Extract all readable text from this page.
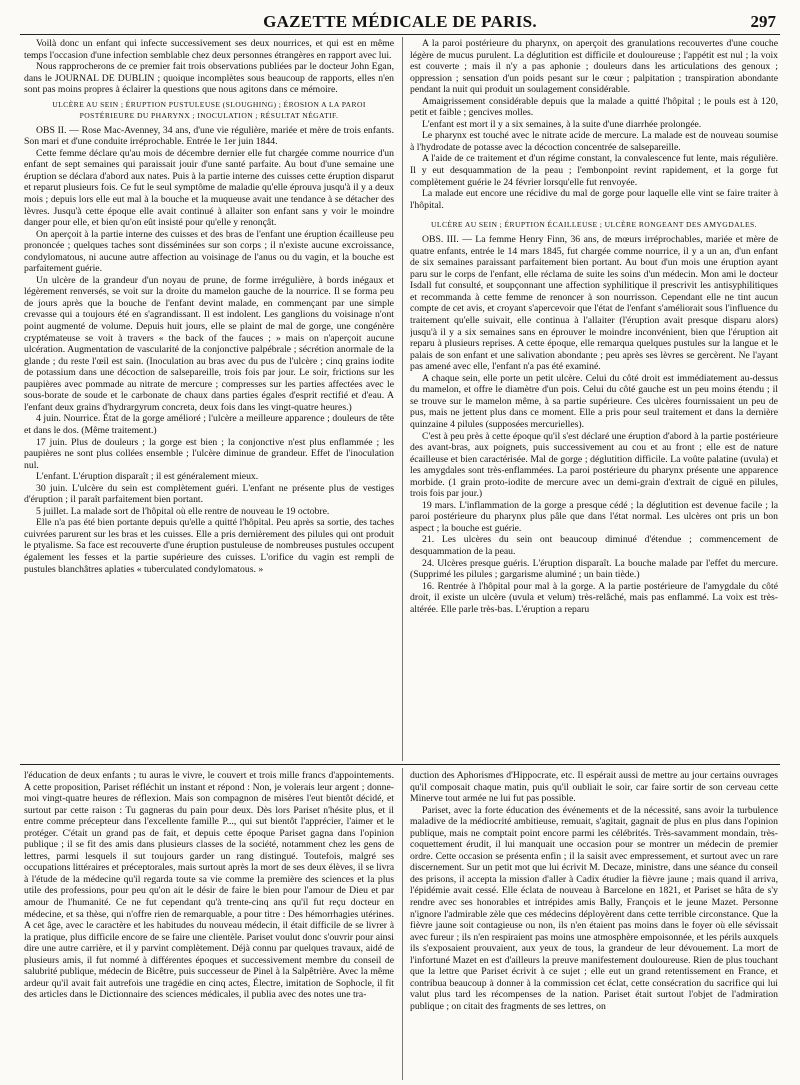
GAZETTE MÉDICALE DE PARIS.	297

Voilà donc un enfant qui infecte successivement ses deux nourrices, et qui est en même temps l'occasion d'une infection semblable chez deux personnes étrangères en rapport avec lui.

Nous rapprocherons de ce premier fait trois observations publiées par le docteur John Egan, dans le JOURNAL DE DUBLIN ; quoique incomplètes sous beaucoup de rapports, elles n'en sont pas moins propres à éclairer la questions que nous agitons dans ce mémoire.

ULCÈRE AU SEIN ; ÉRUPTION PUSTULEUSE (SLOUGHING) ; ÉROSION A LA PAROI POSTÉRIEURE DU PHARYNX ; INOCULATION ; RÉSULTAT NÉGATIF.

OBS II. — Rose Mac-Avenney, 34 ans, d'une vie régulière, mariée et mère de trois enfants. Son mari et d'une conduite irréprochable. Entrée le 1er juin 1844.

Cette femme déclare qu'au mois de décembre dernier elle fut chargée comme nourrice d'un enfant de sept semaines qui paraissait jouir d'une santé parfaite. Au bout d'une semaine une éruption se déclara d'abord aux nates. Puis à la partie interne des cuisses cette éruption disparut et reparut plusieurs fois. Ce fut le seul symptôme de maladie qu'elle éprouva jusqu'à il y a deux mois ; depuis lors elle eut mal à la bouche et la muqueuse avait une tendance à se détacher des lèvres. Jusqu'à cette époque elle avait continué à allaiter son enfant sans y voir le moindre danger pour elle, et bien qu'on eût insisté pour qu'elle y renonçât.

On aperçoit à la partie interne des cuisses et des bras de l'enfant une éruption écailleuse peu prononcée ; quelques taches sont disséminées sur son corps ; il n'existe aucune excroissance, condylomatous, ni aucune autre affection au voisinage de l'anus ou du vagin, et la bouche est parfaitement guérie.

Un ulcère de la grandeur d'un noyau de prune, de forme irrégulière, à bords inégaux et légèrement renversés, se voit sur la droite du mamelon gauche de la nourrice. Il se forma peu de jours après que la bouche de l'enfant devint malade, en commençant par une simple crevasse qui a toujours été en s'agrandissant. Il est indolent. Les ganglions du voisinage n'ont point augmenté de volume. Depuis huit jours, elle se plaint de mal de gorge, une congénère cryptémateuse se voit à travers « the back of the fauces ; » mais on n'aperçoit aucune ulcération. Augmentation de vascularité de la conjonctive palpébrale ; sécrétion anormale de la glande ; du reste l'œil est sain. (Inoculation au bras avec du pus de l'ulcère ; cinq grains iodite de potassium dans une décoction de salsepareille, trois fois par jour. Le soir, frictions sur les paupières avec pommade au nitrate de mercure ; compresses sur les parties affectées avec le sous-borate de soude et le carbonate de chaux dans parties égales d'esprit rectifié et d'eau. A l'enfant deux grains d'hydrargyrum concreta, deux fois dans les vingt-quatre heures.)

4 juin. Nourrice. État de la gorge amélioré ; l'ulcère a meilleure apparence ; douleurs de tête et dans le dos. (Même traitement.)

17 juin. Plus de douleurs ; la gorge est bien ; la conjonctive n'est plus enflammée ; les paupières ne sont plus collées ensemble ; l'ulcère diminue de grandeur. Effet de l'inoculation nul.

L'enfant. L'éruption disparaît ; il est généralement mieux.

30 juin. L'ulcère du sein est complètement guéri. L'enfant ne présente plus de vestiges d'éruption ; il paraît parfaitement bien portant.

5 juillet. La malade sort de l'hôpital où elle rentre de nouveau le 19 octobre.

Elle n'a pas été bien portante depuis qu'elle a quitté l'hôpital. Peu après sa sortie, des taches cuivrées parurent sur les bras et les cuisses. Elle a pris dernièrement des pilules qui ont produit le ptyalisme. Sa face est recouverte d'une éruption pustuleuse de nombreuses pustules occupent également les fesses et la partie supérieure des cuisses. L'orifice du vagin est rempli de pustules blanchâtres aplaties « tuberculated condylomatous. »

A la paroi postérieure du pharynx, on aperçoit des granulations recouvertes d'une couche légère de mucus purulent. La déglutition est difficile et douloureuse ; l'appétit est nul ; la voix est couverte ; mais il n'y a pas aphonie ; douleurs dans les articulations des genoux ; oppression ; sensation d'un poids pesant sur le cœur ; palpitation ; transpiration abondante pendant la nuit qui produit un soulagement considérable.

Amaigrissement considérable depuis que la malade a quitté l'hôpital ; le pouls est à 120, petit et faible ; gencives molles.

L'enfant est mort il y a six semaines, à la suite d'une diarrhée prolongée.

Le pharynx est touché avec le nitrate acide de mercure. La malade est de nouveau soumise à l'hydrodate de potasse avec la décoction concentrée de salsepareille.

A l'aide de ce traitement et d'un régime constant, la convalescence fut lente, mais régulière. Il y eut desquammation de la peau ; l'embonpoint revint rapidement, et la gorge fut complètement guérie le 24 février lorsqu'elle fut renvoyée.

La malade eut encore une récidive du mal de gorge pour laquelle elle vint se faire traiter à l'hôpital.

ULCÈRE AU SEIN ; ÉRUPTION ÉCAILLEUSE ; ULCÈRE RONGEANT DES AMYGDALES.

OBS. III. — La femme Henry Finn, 36 ans, de mœurs irréprochables, mariée et mère de quatre enfants, entrée le 14 mars 1845, fut chargée comme nourrice, il y a un an, d'un enfant de six semaines paraissant parfaitement bien portant. Au bout d'un mois une éruption ayant paru sur le corps de l'enfant, elle réclama de suite les soins d'un médecin. Mon ami le docteur Isdall fut consulté, et soupçonnant une affection syphilitique il prescrivit les antisyphilitiques et recommanda à cette femme de renoncer à son nourrisson. Cependant elle ne tint aucun compte de cet avis, et croyant s'apercevoir que l'état de l'enfant s'améliorait sous l'influence du traitement qu'elle suivait, elle continua à l'allaiter (l'éruption avait presque disparu alors) jusqu'à il y a six semaines sans en éprouver le moindre inconvénient, bien que l'éruption ait reparu à plusieurs reprises. A cette époque, elle remarqua quelques pustules sur la langue et le palais de son enfant et une salivation abondante ; peu après ses lèvres se gercèrent. Ne l'ayant pas amené avec elle, l'enfant n'a pas été examiné.

A chaque sein, elle porte un petit ulcère. Celui du côté droit est immédiatement au-dessus du mamelon, et offre le diamètre d'un pois. Celui du côté gauche est un peu moins étendu ; il se trouve sur le mamelon même, à sa partie supérieure. Ces ulcères fournissaient un peu de pus, mais ne jettent plus dans ce moment. Elle a pris pour seul traitement et dans la dernière quinzaine 4 pilules (supposées mercurielles).

C'est à peu près à cette époque qu'il s'est déclaré une éruption d'abord à la partie postérieure des avant-bras, aux poignets, puis successivement au cou et au front ; elle est de nature écailleuse et bien caractérisée. Mal de gorge ; déglutition difficile. La voûte palatine (uvula) et les amygdales sont très-enflammées. La paroi postérieure du pharynx présente une apparence morbide. (1 grain proto-iodite de mercure avec un demi-grain d'extrait de ciguë en pilules, trois fois par jour.)

19 mars. L'inflammation de la gorge a presque cédé ; la déglutition est devenue facile ; la paroi postérieure du pharynx plus pâle que dans l'état normal. Les ulcères ont pris un bon aspect ; la bouche est guérie.

21. Les ulcères du sein ont beaucoup diminué d'étendue ; commencement de desquammation de la peau.

24. Ulcères presque guéris. L'éruption disparaît. La bouche malade par l'effet du mercure. (Supprimé les pilules ; gargarisme aluminé ; un bain tiède.)

16. Rentrée à l'hôpital pour mal à la gorge. A la partie postérieure de l'amygdale du côté droit, il existe un ulcère (uvula et velum) très-relâché, mais pas enflammé. La voix est très-altérée. Elle parle très-bas. L'éruption a reparu

l'éducation de deux enfants ; tu auras le vivre, le couvert et trois mille francs d'appointements. A cette proposition, Pariset réfléchit un instant et répond : Non, je volerais leur argent ; donne-moi vingt-quatre heures de réflexion. Mais son compagnon de misères l'eut bientôt décidé, et surtout par cette raison : Tu gagneras du pain pour deux. Dès lors Pariset n'hésite plus, et il entre comme précepteur dans l'excellente famille P..., qui sut bientôt l'apprécier, l'aimer et le protéger. C'était un grand pas de fait, et depuis cette époque Pariset gagna dans l'opinion publique ; il se fit des amis dans plusieurs classes de la société, notamment chez les gens de lettres, parmi lesquels il sut toujours garder un rang distingué. Toutefois, malgré ses occupations littéraires et préceptorales, mais surtout après la mort de ses deux élèves, il se livra à l'étude de la médecine qu'il regarda toute sa vie comme la première des sciences et la plus utile des professions, pour peu qu'on ait le désir de faire le bien pour l'amour de Dieu et par amour de l'humanité. Ce ne fut cependant qu'à trente-cinq ans qu'il fut reçu docteur en médecine, et sa thèse, qui n'offre rien de remarquable, a pour titre : Des hémorrhagies utérines. A cet âge, avec le caractère et les habitudes du nouveau médecin, il était difficile de se livrer à la pratique, plus difficile encore de se faire une clientèle. Pariset voulut donc s'ouvrir pour ainsi dire une autre carrière, et il y parvint complètement. Déjà connu par quelques travaux, aidé de plusieurs amis, il fut nommé à différentes époques et successivement membre du conseil de salubrité publique, médecin de Bicêtre, puis successeur de Pinel à la Salpêtrière. Avec la même ardeur qu'il avait fait autrefois une tragédie en cinq actes, Électre, imitation de Sophocle, il fit des articles dans le Dictionnaire des sciences médicales, il publia avec des notes une tra-

duction des Aphorismes d'Hippocrate, etc. Il espérait aussi de mettre au jour certains ouvrages qu'il composait chaque matin, puis qu'il oubliait le soir, car faire sortir de son cerveau cette Minerve tout armée ne lui fut pas possible.

Pariset, avec la forte éducation des événements et de la nécessité, sans avoir la turbulence maladive de la médiocrité ambitieuse, remuait, s'agitait, gagnait de plus en plus dans l'opinion publique, mais ne comptait point encore parmi les célébrités. Très-savamment mondain, très-coquettement érudit, il lui manquait une occasion pour se montrer un médecin de premier ordre. Cette occasion se présenta enfin ; il la saisit avec empressement, et surtout avec un rare discernement. Sur un petit mot que lui écrivit M. Decaze, ministre, dans une séance du conseil des prisons, il accepta la mission d'aller à Cadix étudier la fièvre jaune ; mais quand il arriva, l'épidémie avait cessé. Elle éclata de nouveau à Barcelone en 1821, et Pariset se hâta de s'y rendre avec ses honorables et intrépides amis Bally, François et le jeune Mazet. Personne n'ignore l'admirable zèle que ces médecins déployèrent dans cette terrible circonstance. Que la fièvre jaune soit contagieuse ou non, ils n'en étaient pas moins dans le foyer où elle sévissait avec fureur ; ils n'en respiraient pas moins une atmosphère empoisonnée, et les périls auxquels ils s'exposaient prouvaient, aux yeux de tous, la grandeur de leur dévouement. La mort de l'infortuné Mazet en est d'ailleurs la preuve manifestement douloureuse. Rien de plus touchant que la lettre que Pariset écrivit à ce sujet ; elle eut un grand retentissement en France, et contribua beaucoup à donner à la commission cet éclat, cette consécration du sacrifice qui lui valut plus tard les récompenses de la nation. Pariset était surtout l'objet de l'admiration publique ; on citait des fragments de ses lettres, on
